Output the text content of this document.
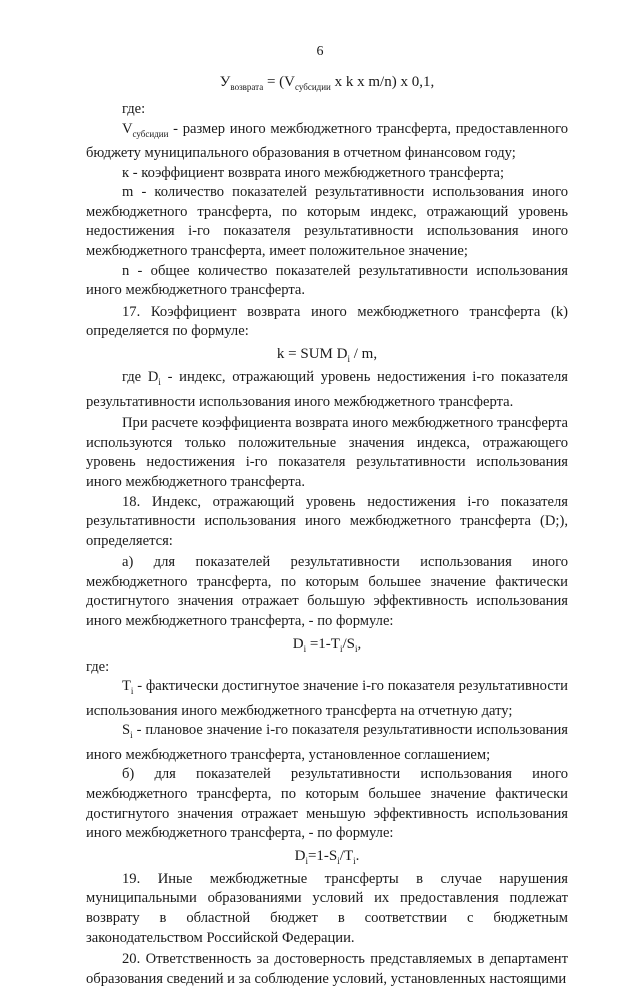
6
$У_{возврата} = (V_{субсидии}$ x k x m/n) x 0,1,

где:

$V_{субсидии}$ - размер иного межбюджетного трансферта, предоставленного бюджету муниципального образования в отчетном финансовом году;

к - коэффициент возврата иного межбюджетного трансферта;

m - количество показателей результативности использования иного межбюджетного трансферта, по которым индекс, отражающий уровень недостижения i-го показателя результативности использования иного межбюджетного трансферта, имеет положительное значение;

n - общее количество показателей результативности использования иного межбюджетного трансферта.

17. Коэффициент возврата иного межбюджетного трансферта (k) определяется по формуле:

k = SUM $D_i$ / m,

где $D_i$ - индекс, отражающий уровень недостижения i-го показателя результативности использования иного межбюджетного трансферта.

При расчете коэффициента возврата иного межбюджетного трансферта используются только положительные значения индекса, отражающего уровень недостижения i-го показателя результативности использования иного межбюджетного трансферта.

18. Индекс, отражающий уровень недостижения i-го показателя результативности использования иного межбюджетного трансферта (D;), определяется:

а) для показателей результативности использования иного межбюджетного трансферта, по которым большее значение фактически достигнутого значения отражает большую эффективность использования иного межбюджетного трансферта, - по формуле:

$D_i =1-T_i/S_i$,

где:

$T_i$ - фактически достигнутое значение i-го показателя результативности использования иного межбюджетного трансферта на отчетную дату;

$S_i$ - плановое значение i-го показателя результативности использования иного межбюджетного трансферта, установленное соглашением;

б) для показателей результативности использования иного межбюджетного трансферта, по которым большее значение фактически достигнутого значения отражает меньшую эффективность использования иного межбюджетного трансферта, - по формуле:

$D_i=1-S_i/T_i$.

19. Иные межбюджетные трансферты в случае нарушения муниципальными образованиями условий их предоставления подлежат возврату в областной бюджет в соответствии с бюджетным законодательством Российской Федерации.

20. Ответственность за достоверность представляемых в департамент образования сведений и за соблюдение условий, установленных настоящими
